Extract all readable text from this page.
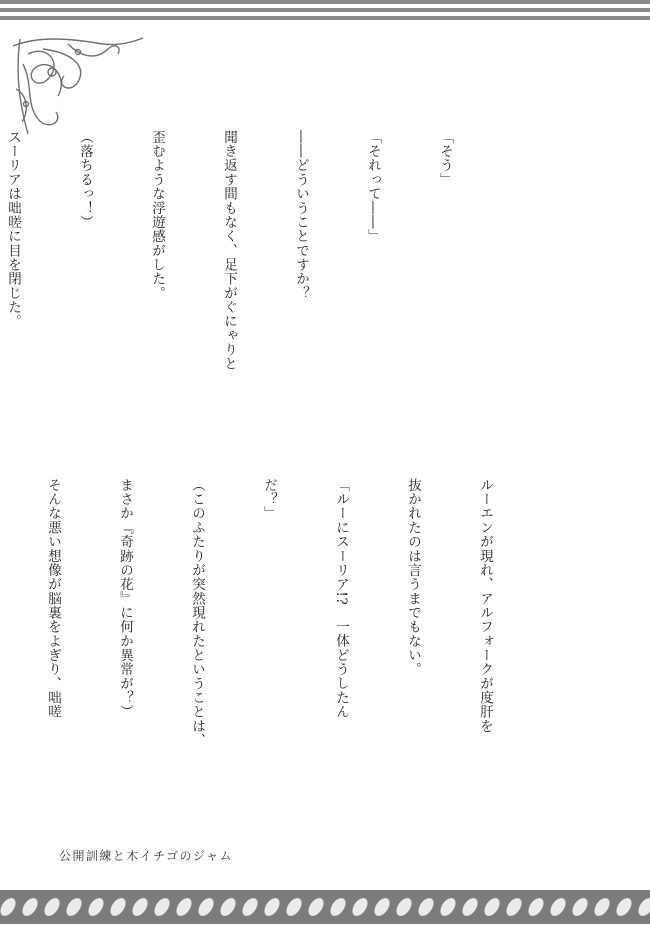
「そう」

「それって――」

――どういうことですか？

聞き返す間もなく、足下がぐにゃりと

歪むような浮遊感がした。

（落ちるっ！）

スーリアは咄嗟に目を閉じた。

ルーエンが現れ、アルフォークが度肝を

抜かれたのは言うまでもない。

「ルーにスーリア!?　一体どうしたん

だ？」

（このふたりが突然現れたということは、

まさか『奇跡の花』に何か異常が？）

そんな悪い想像が脳裏をよぎり、咄嗟

公開訓練と木イチゴのジャム
